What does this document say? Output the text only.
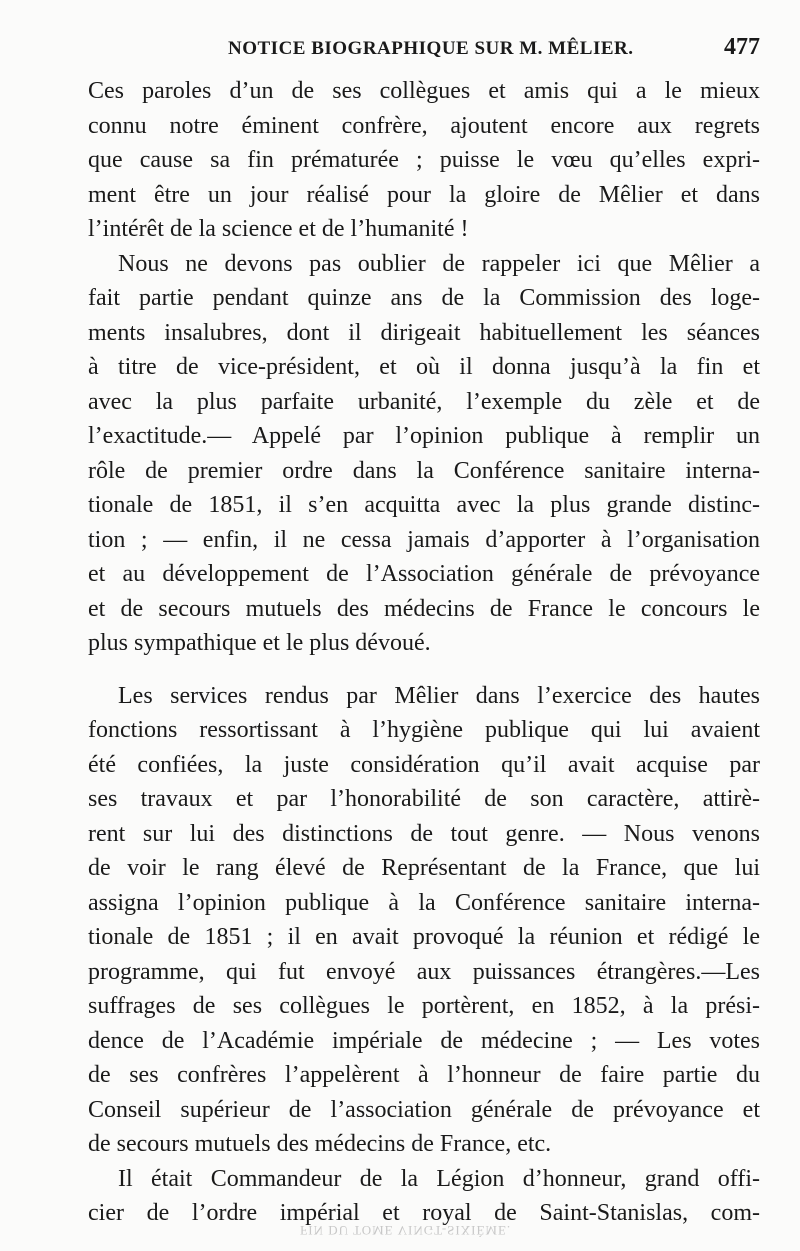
NOTICE BIOGRAPHIQUE SUR M. MÊLIER.	477
Ces paroles d’un de ses collègues et amis qui a le mieux
connu notre éminent confrère, ajoutent encore aux regrets
que cause sa fin prématurée ; puisse le vœu qu’elles expri-
ment être un jour réalisé pour la gloire de Mêlier et dans
l’intérêt de la science et de l’humanité !
Nous ne devons pas oublier de rappeler ici que Mêlier a
fait partie pendant quinze ans de la Commission des loge-
ments insalubres, dont il dirigeait habituellement les séances
à titre de vice-président, et où il donna jusqu’à la fin et
avec la plus parfaite urbanité, l’exemple du zèle et de
l’exactitude.— Appelé par l’opinion publique à remplir un
rôle de premier ordre dans la Conférence sanitaire interna-
tionale de 1851, il s’en acquitta avec la plus grande distinc-
tion ; — enfin, il ne cessa jamais d’apporter à l’organisation
et au développement de l’Association générale de prévoyance
et de secours mutuels des médecins de France le concours le
plus sympathique et le plus dévoué.
Les services rendus par Mêlier dans l’exercice des hautes
fonctions ressortissant à l’hygiène publique qui lui avaient
été confiées, la juste considération qu’il avait acquise par
ses travaux et par l’honorabilité de son caractère, attirè-
rent sur lui des distinctions de tout genre. — Nous venons
de voir le rang élevé de Représentant de la France, que lui
assigna l’opinion publique à la Conférence sanitaire interna-
tionale de 1851 ; il en avait provoqué la réunion et rédigé le
programme, qui fut envoyé aux puissances étrangères.—Les
suffrages de ses collègues le portèrent, en 1852, à la prési-
dence de l’Académie impériale de médecine ; — Les votes
de ses confrères l’appelèrent à l’honneur de faire partie du
Conseil supérieur de l’association générale de prévoyance et
de secours mutuels des médecins de France, etc.
Il était Commandeur de la Légion d’honneur, grand offi-
cier de l’ordre impérial et royal de Saint-Stanislas, com-
FIN DU TOME VINGT-SIXIÈME.
